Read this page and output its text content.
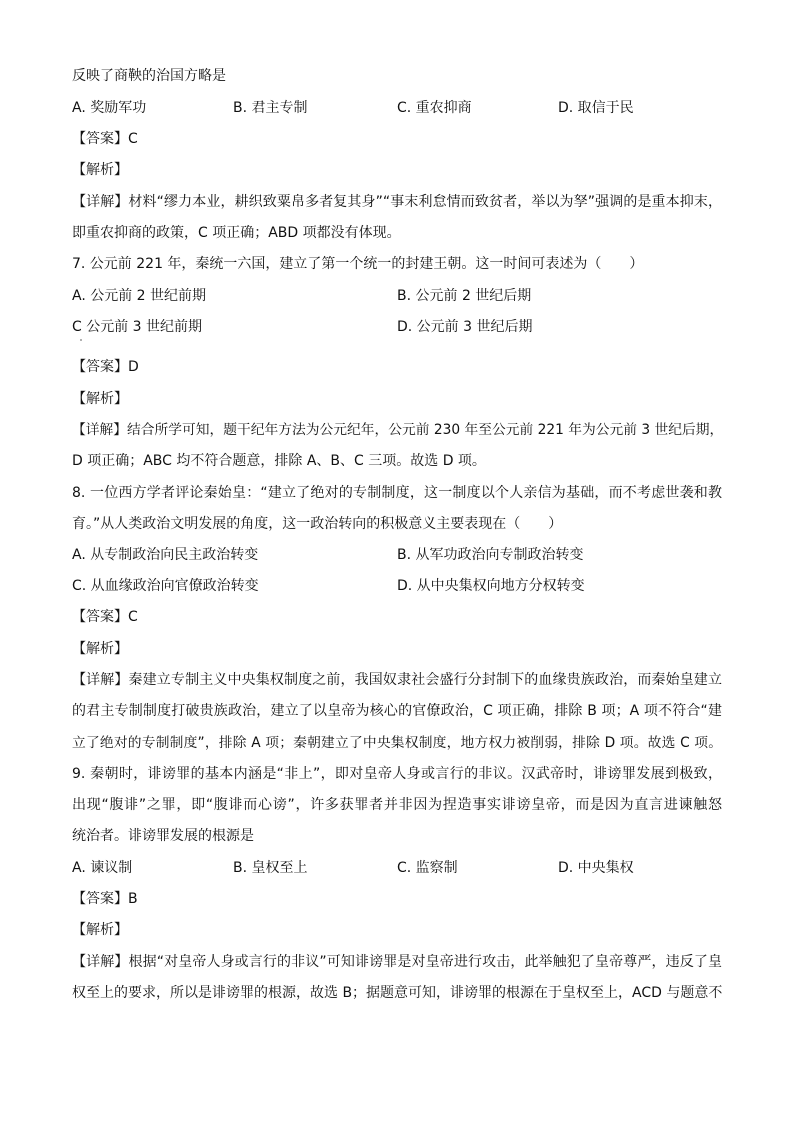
反映了商鞅的治国方略是
A. 奖励军功	B. 君主专制	C. 重农抑商	D. 取信于民
【答案】C
【解析】
【详解】材料“缪力本业，耕织致粟帛多者复其身”“事末利怠情而致贫者，举以为孥”强调的是重本抑末，
即重农抑商的政策，C 项正确；ABD 项都没有体现。
7. 公元前 221 年，秦统一六国，建立了第一个统一的封建王朝。这一时间可表述为（　　）
A. 公元前 2 世纪前期	B. 公元前 2 世纪后期
C 公元前 3 世纪前期	D. 公元前 3 世纪后期
【答案】D
【解析】
【详解】结合所学可知，题干纪年方法为公元纪年，公元前 230 年至公元前 221 年为公元前 3 世纪后期，
D 项正确；ABC 均不符合题意，排除 A、B、C 三项。故选 D 项。
8. 一位西方学者评论秦始皇：“建立了绝对的专制制度，这一制度以个人亲信为基础，而不考虑世袭和教
育。”从人类政治文明发展的角度，这一政治转向的积极意义主要表现在（　　）
A. 从专制政治向民主政治转变	B. 从军功政治向专制政治转变
C. 从血缘政治向官僚政治转变	D. 从中央集权向地方分权转变
【答案】C
【解析】
【详解】秦建立专制主义中央集权制度之前，我国奴隶社会盛行分封制下的血缘贵族政治，而秦始皇建立
的君主专制制度打破贵族政治，建立了以皇帝为核心的官僚政治，C 项正确，排除 B 项；A 项不符合“建
立了绝对的专制制度”，排除 A 项；秦朝建立了中央集权制度，地方权力被削弱，排除 D 项。故选 C 项。
9. 秦朝时，诽谤罪的基本内涵是“非上”，即对皇帝人身或言行的非议。汉武帝时，诽谤罪发展到极致，
出现“腹诽”之罪，即“腹诽而心谤”，许多获罪者并非因为捏造事实诽谤皇帝，而是因为直言进谏触怒
统治者。诽谤罪发展的根源是
A. 谏议制	B. 皇权至上	C. 监察制	D. 中央集权
【答案】B
【解析】
【详解】根据“对皇帝人身或言行的非议”可知诽谤罪是对皇帝进行攻击，此举触犯了皇帝尊严，违反了皇
权至上的要求，所以是诽谤罪的根源，故选 B；据题意可知，诽谤罪的根源在于皇权至上，ACD 与题意不
